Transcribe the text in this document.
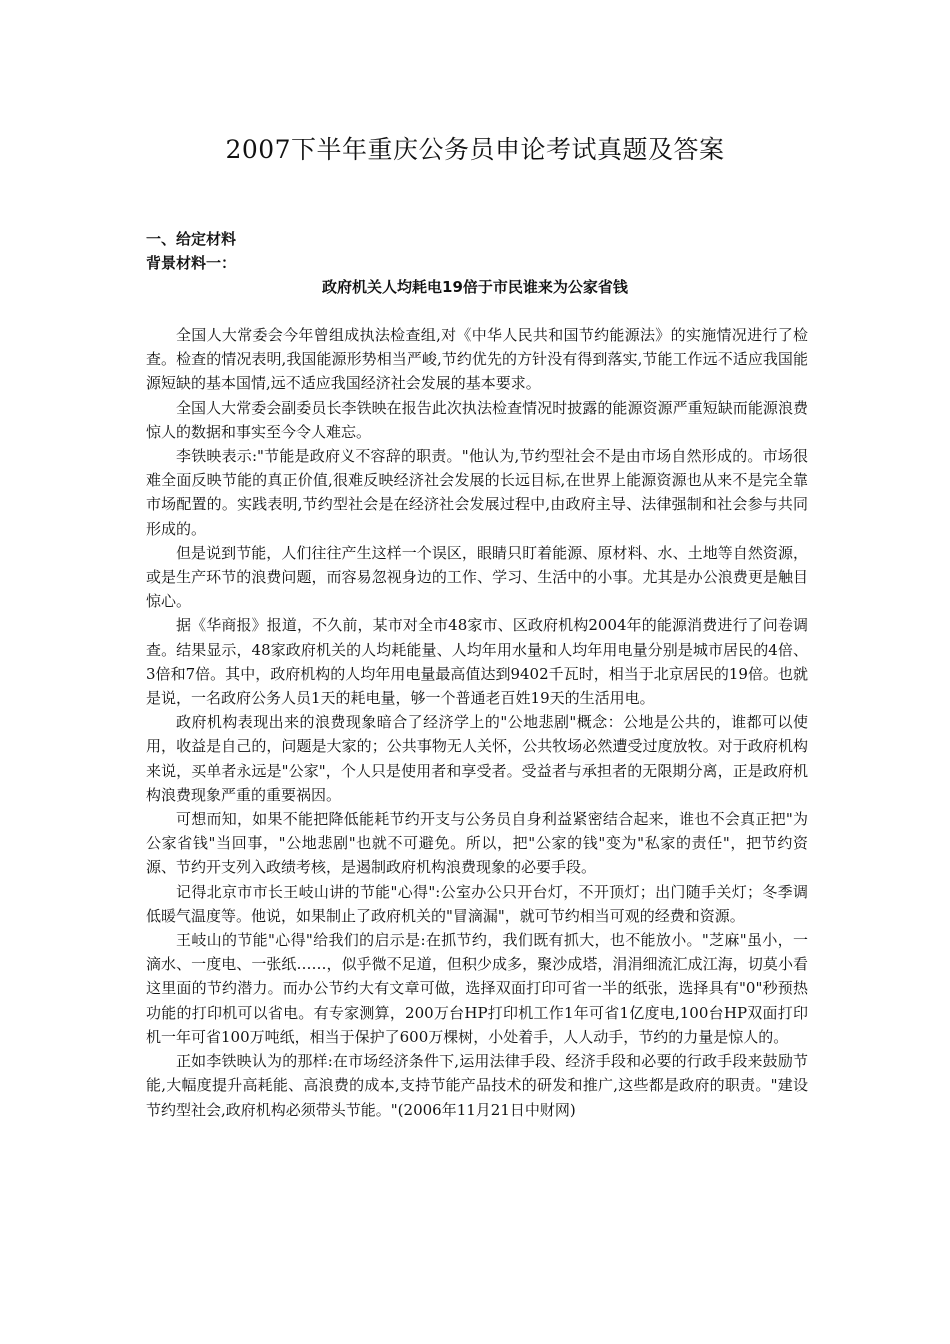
2007下半年重庆公务员申论考试真题及答案
一、给定材料
背景材料一：
政府机关人均耗电19倍于市民谁来为公家省钱

全国人大常委会今年曾组成执法检查组,对《中华人民共和国节约能源法》的实施情况进行了检查。检查的情况表明,我国能源形势相当严峻,节约优先的方针没有得到落实,节能工作远不适应我国能源短缺的基本国情,远不适应我国经济社会发展的基本要求。

全国人大常委会副委员长李铁映在报告此次执法检查情况时披露的能源资源严重短缺而能源浪费惊人的数据和事实至今令人难忘。

李铁映表示:"节能是政府义不容辞的职责。"他认为,节约型社会不是由市场自然形成的。市场很难全面反映节能的真正价值,很难反映经济社会发展的长远目标,在世界上能源资源也从来不是完全靠市场配置的。实践表明,节约型社会是在经济社会发展过程中,由政府主导、法律强制和社会参与共同形成的。

但是说到节能，人们往往产生这样一个误区，眼睛只盯着能源、原材料、水、土地等自然资源，或是生产环节的浪费问题，而容易忽视身边的工作、学习、生活中的小事。尤其是办公浪费更是触目惊心。

据《华商报》报道，不久前，某市对全市48家市、区政府机构2004年的能源消费进行了问卷调查。结果显示，48家政府机关的人均耗能量、人均年用水量和人均年用电量分别是城市居民的4倍、3倍和7倍。其中，政府机构的人均年用电量最高值达到9402千瓦时，相当于北京居民的19倍。也就是说，一名政府公务人员1天的耗电量，够一个普通老百姓19天的生活用电。

政府机构表现出来的浪费现象暗合了经济学上的"公地悲剧"概念：公地是公共的，谁都可以使用，收益是自己的，问题是大家的；公共事物无人关怀，公共牧场必然遭受过度放牧。对于政府机构来说，买单者永远是"公家"，个人只是使用者和享受者。受益者与承担者的无限期分离，正是政府机构浪费现象严重的重要祸因。

可想而知，如果不能把降低能耗节约开支与公务员自身利益紧密结合起来，谁也不会真正把"为公家省钱"当回事，"公地悲剧"也就不可避免。所以，把"公家的钱"变为"私家的责任"，把节约资源、节约开支列入政绩考核，是遏制政府机构浪费现象的必要手段。

记得北京市市长王岐山讲的节能"心得":公室办公只开台灯，不开顶灯；出门随手关灯；冬季调低暖气温度等。他说，如果制止了政府机关的"冒滴漏"，就可节约相当可观的经费和资源。

王岐山的节能"心得"给我们的启示是:在抓节约，我们既有抓大，也不能放小。"芝麻"虽小，一滴水、一度电、一张纸……，似乎微不足道，但积少成多，聚沙成塔，涓涓细流汇成江海，切莫小看这里面的节约潜力。而办公节约大有文章可做，选择双面打印可省一半的纸张，选择具有"0"秒预热功能的打印机可以省电。有专家测算，200万台HP打印机工作1年可省1亿度电,100台HP双面打印机一年可省100万吨纸，相当于保护了600万棵树，小处着手，人人动手，节约的力量是惊人的。

正如李铁映认为的那样:在市场经济条件下,运用法律手段、经济手段和必要的行政手段来鼓励节能,大幅度提升高耗能、高浪费的成本,支持节能产品技术的研发和推广,这些都是政府的职责。"建设节约型社会,政府机构必须带头节能。"(2006年11月21日中财网)
